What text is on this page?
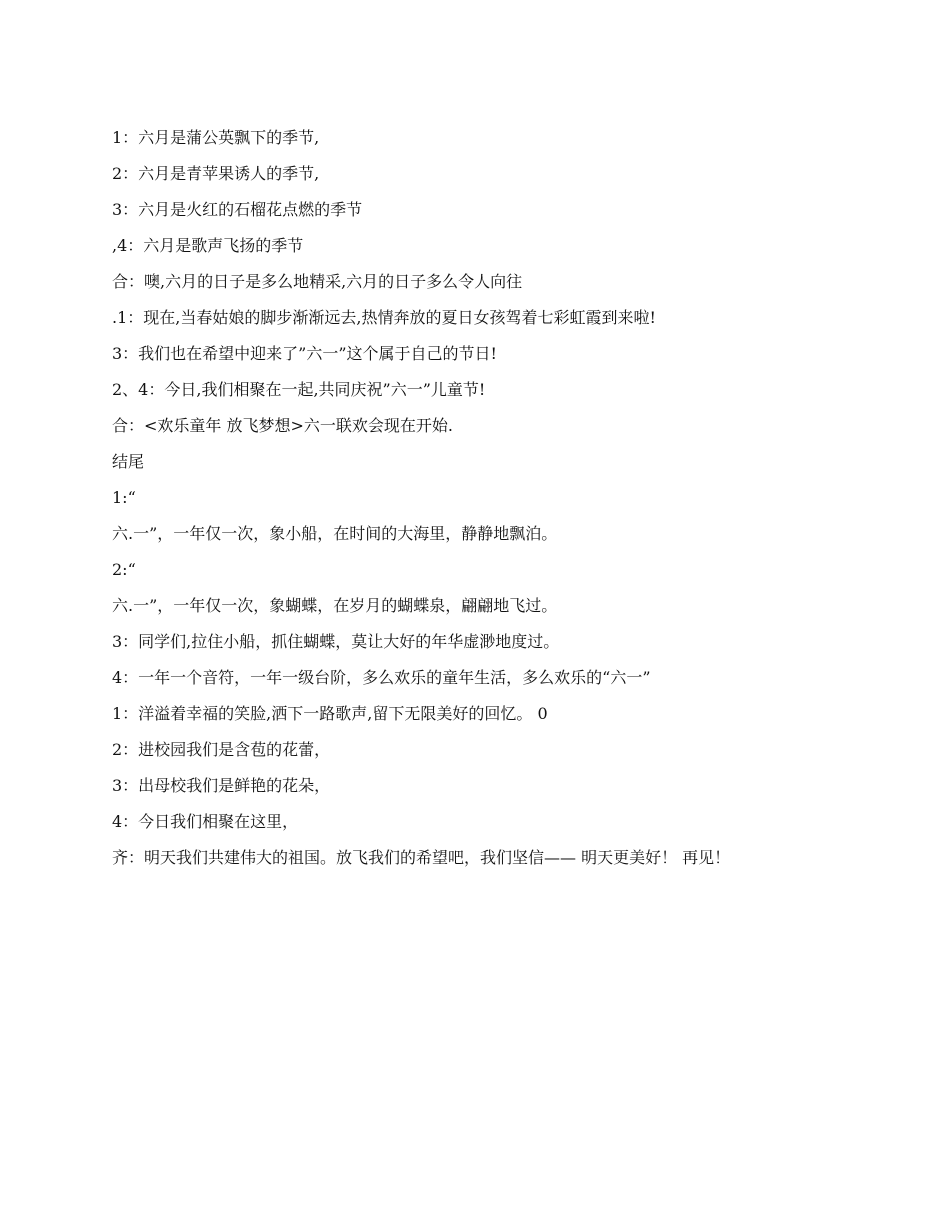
1：六月是蒲公英飘下的季节,

2：六月是青苹果诱人的季节,

3：六月是火红的石榴花点燃的季节

,4：六月是歌声飞扬的季节

合：噢,六月的日子是多么地精采,六月的日子多么令人向往

.1：现在,当春姑娘的脚步渐渐远去,热情奔放的夏日女孩驾着七彩虹霞到来啦!

3：我们也在希望中迎来了”六一”这个属于自己的节日!

2、4：今日,我们相聚在一起,共同庆祝”六一”儿童节!

合：<欢乐童年 放飞梦想>六一联欢会现在开始.

结尾

1:“

六.一”，一年仅一次，象小船，在时间的大海里，静静地飘泊。

2:“

六.一”，一年仅一次，象蝴蝶，在岁月的蝴蝶泉，翩翩地飞过。

3：同学们,拉住小船，抓住蝴蝶，莫让大好的年华虚渺地度过。

4：一年一个音符，一年一级台阶，多么欢乐的童年生活，多么欢乐的“六一”

1：洋溢着幸福的笑脸,洒下一路歌声,留下无限美好的回忆。 0

2：进校园我们是含苞的花蕾，

3：出母校我们是鲜艳的花朵，

4：今日我们相聚在这里，

齐：明天我们共建伟大的祖国。放飞我们的希望吧，我们坚信—— 明天更美好！ 再见！
